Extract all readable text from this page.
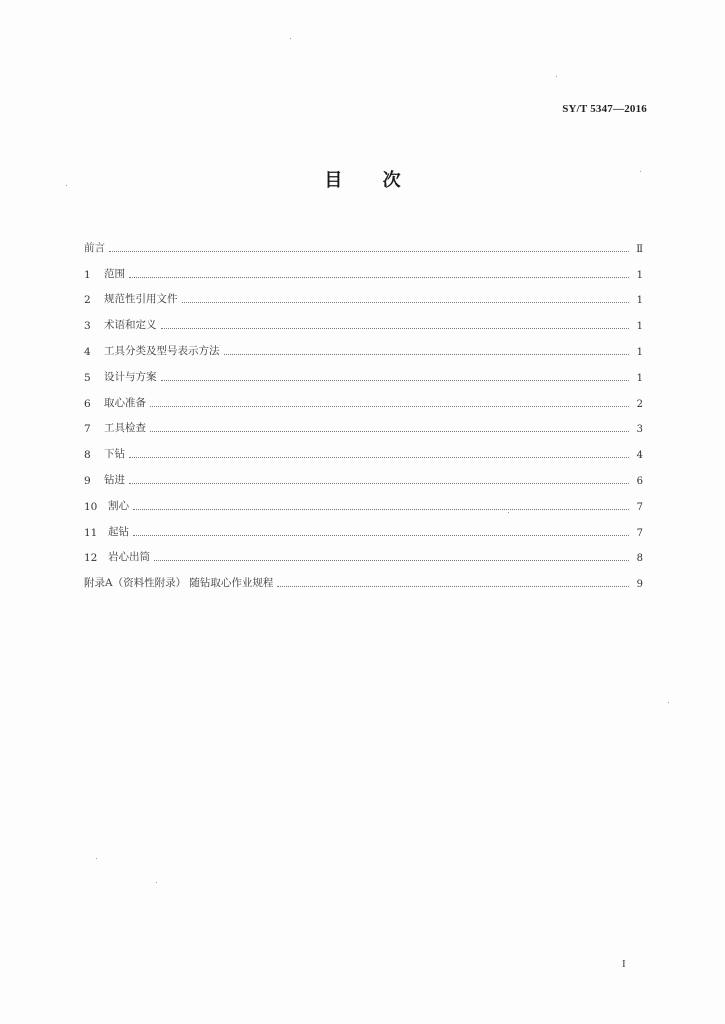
SY/T 5347—2016
目 次
前言	Ⅱ
1	范围	1
2	规范性引用文件	1
3	术语和定义	1
4	工具分类及型号表示方法	1
5	设计与方案	1
6	取心准备	2
7	工具检查	3
8	下钻	4
9	钻进	6
10	割心	7
11	起钻	7
12	岩心出筒	8
附录A（资料性附录） 随钻取心作业规程	9
I
